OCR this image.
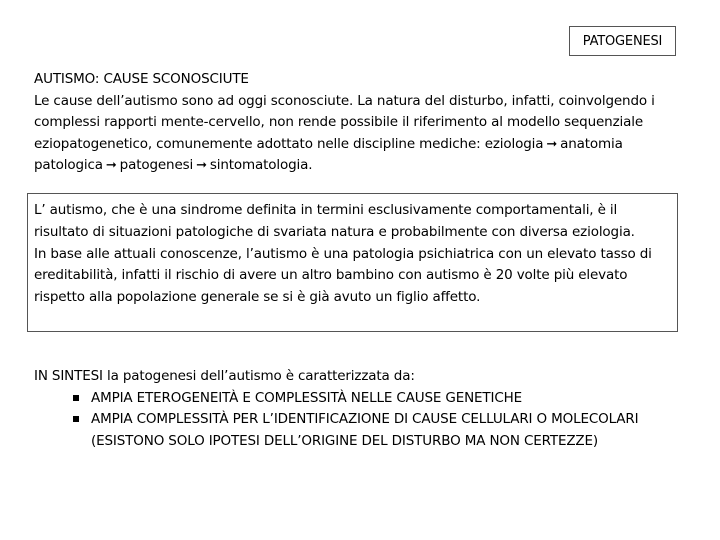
PATOGENESI
AUTISMO: CAUSE SCONOSCIUTE
Le cause dell’autismo sono ad oggi sconosciute. La natura del disturbo, infatti, coinvolgendo i complessi rapporti mente-cervello, non rende possibile il riferimento al modello sequenziale eziopatogenetico, comunemente adottato nelle discipline mediche: eziologia ➞ anatomia patologica ➞ patogenesi ➞ sintomatologia.

L’ autismo, che è una sindrome definita in termini esclusivamente comportamentali, è il risultato di situazioni patologiche di svariata natura e probabilmente con diversa eziologia.

In base alle attuali conoscenze, l’autismo è una patologia psichiatrica con un elevato tasso di ereditabilità, infatti il rischio di avere un altro bambino con autismo è 20 volte più elevato rispetto alla popolazione generale se si è già avuto un figlio affetto.

IN SINTESI la patogenesi dell’autismo è caratterizzata da:
AMPIA ETEROGENEITÀ E COMPLESSITÀ NELLE CAUSE GENETICHE
AMPIA COMPLESSITÀ PER L’IDENTIFICAZIONE DI CAUSE CELLULARI O MOLECOLARI (ESISTONO SOLO IPOTESI DELL’ORIGINE DEL DISTURBO MA NON CERTEZZE)
